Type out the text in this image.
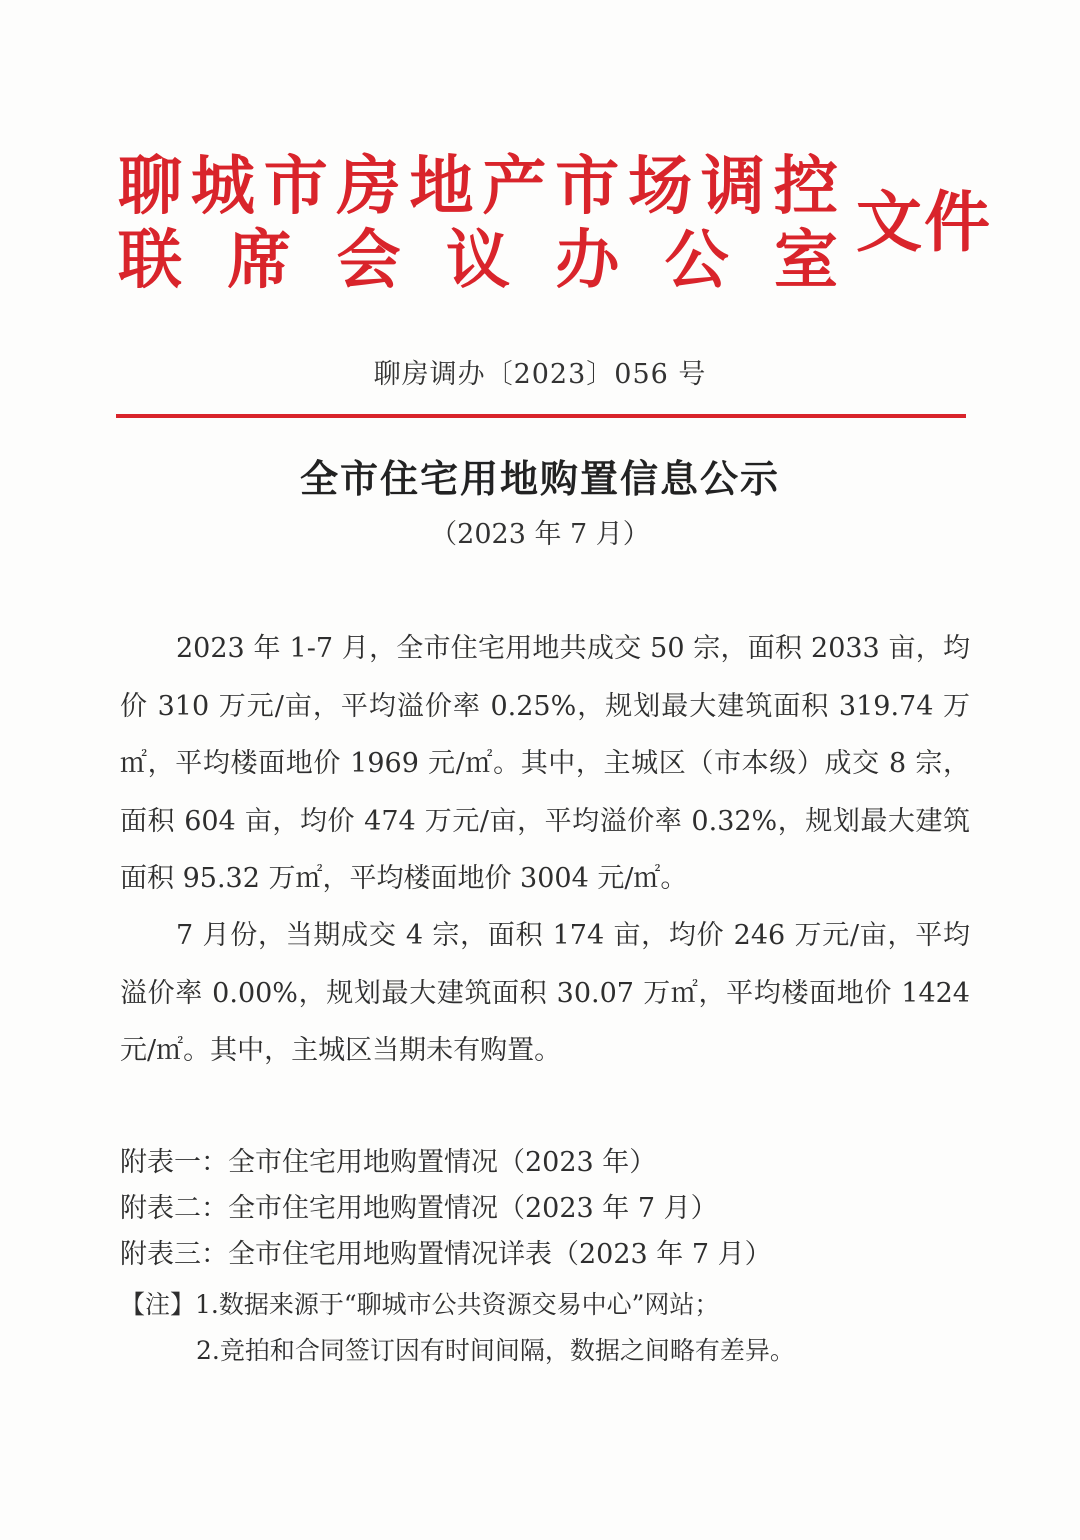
聊 城 市 房 地 产 市 场 调 控
联 席 会 议 办 公 室 文件
聊房调办〔2023〕056 号
全市住宅用地购置信息公示
（2023 年 7 月）
2023 年 1-7 月，全市住宅用地共成交 50 宗，面积 2033 亩，均价 310 万元/亩，平均溢价率 0.25%，规划最大建筑面积 319.74 万㎡，平均楼面地价 1969 元/㎡。其中，主城区（市本级）成交 8 宗，面积 604 亩，均价 474 万元/亩，平均溢价率 0.32%，规划最大建筑面积 95.32 万㎡，平均楼面地价 3004 元/㎡。
7 月份，当期成交 4 宗，面积 174 亩，均价 246 万元/亩，平均溢价率 0.00%，规划最大建筑面积 30.07 万㎡，平均楼面地价 1424 元/㎡。其中，主城区当期未有购置。
附表一：全市住宅用地购置情况（2023 年）
附表二：全市住宅用地购置情况（2023 年 7 月）
附表三：全市住宅用地购置情况详表（2023 年 7 月）
【注】1.数据来源于“聊城市公共资源交易中心”网站；
2.竞拍和合同签订因有时间间隔，数据之间略有差异。
